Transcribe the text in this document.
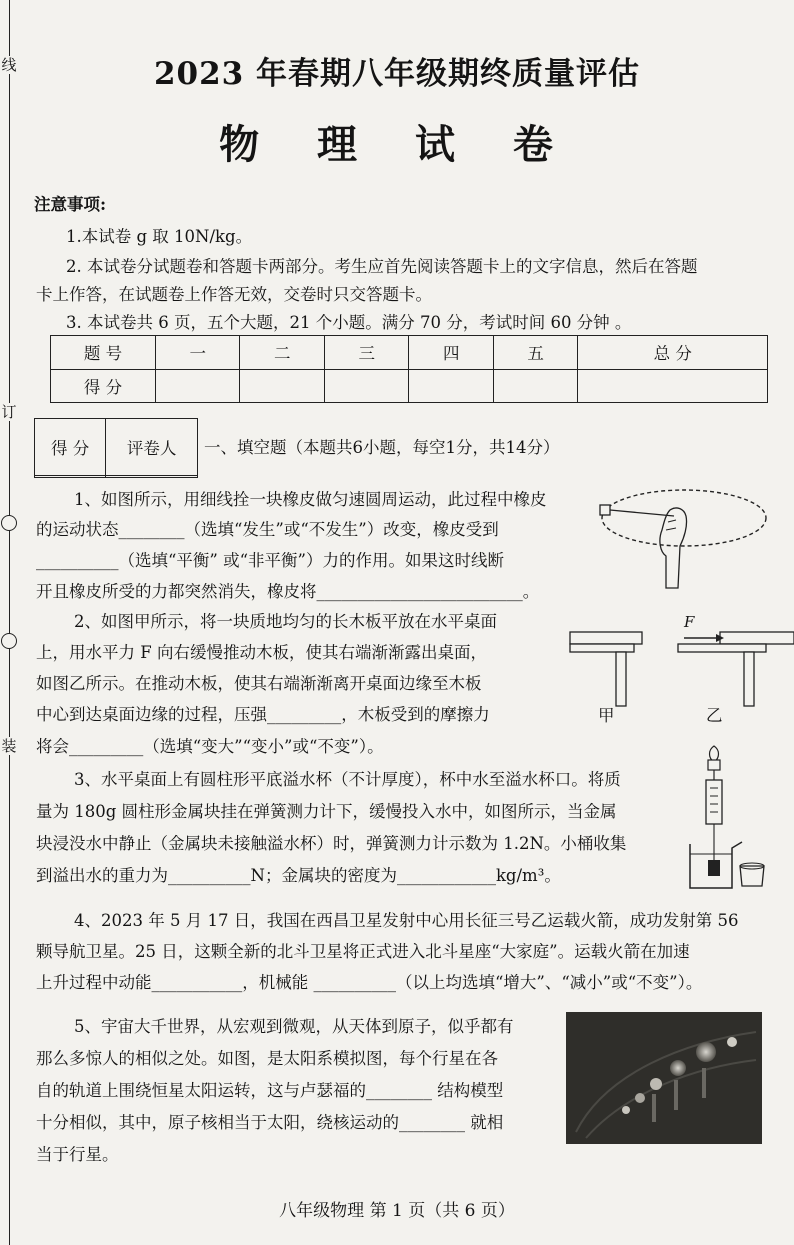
线
订
装
2023 年春期八年级期终质量评估
物 理 试 卷
注意事项:
1.本试卷 g 取 10N/kg。
2. 本试卷分试题卷和答题卡两部分。考生应首先阅读答题卡上的文字信息，然后在答题
卡上作答，在试题卷上作答无效，交卷时只交答题卡。
3. 本试卷共 6 页，五个大题，21 个小题。满分 70 分，考试时间 60 分钟 。
题 号	一	二	三	四	五	总 分
得 分						
得 分	评卷人
	一、填空题（本题共6小题，每空1分，共14分）
1、如图所示，用细线拴一块橡皮做匀速圆周运动，此过程中橡皮
的运动状态________（选填“发生”或“不发生”）改变，橡皮受到
__________（选填“平衡” 或“非平衡”）力的作用。如果这时线断
开且橡皮所受的力都突然消失，橡皮将_________________________。
2、如图甲所示，将一块质地均匀的长木板平放在水平桌面
上，用水平力 F 向右缓慢推动木板，使其右端渐渐露出桌面，
如图乙所示。在推动木板，使其右端渐渐离开桌面边缘至木板
中心到达桌面边缘的过程，压强_________，木板受到的摩擦力
将会_________（选填“变大”“变小”或“不变”）。
甲
F
乙
3、水平桌面上有圆柱形平底溢水杯（不计厚度），杯中水至溢水杯口。将质
量为 180g 圆柱形金属块挂在弹簧测力计下，缓慢投入水中，如图所示，当金属
块浸没水中静止（金属块未接触溢水杯）时，弹簧测力计示数为 1.2N。小桶收集
到溢出水的重力为__________N；金属块的密度为____________kg/m³。
4、2023 年 5 月 17 日，我国在西昌卫星发射中心用长征三号乙运载火箭，成功发射第 56
颗导航卫星。25 日，这颗全新的北斗卫星将正式进入北斗星座“大家庭”。运载火箭在加速
上升过程中动能___________，机械能 __________（以上均选填“增大”、“减小”或“不变”）。
5、宇宙大千世界，从宏观到微观，从天体到原子，似乎都有
那么多惊人的相似之处。如图，是太阳系模拟图，每个行星在各
自的轨道上围绕恒星太阳运转，这与卢瑟福的________ 结构模型
十分相似，其中，原子核相当于太阳，绕核运动的________ 就相
当于行星。
八年级物理 第 1 页（共 6 页）
